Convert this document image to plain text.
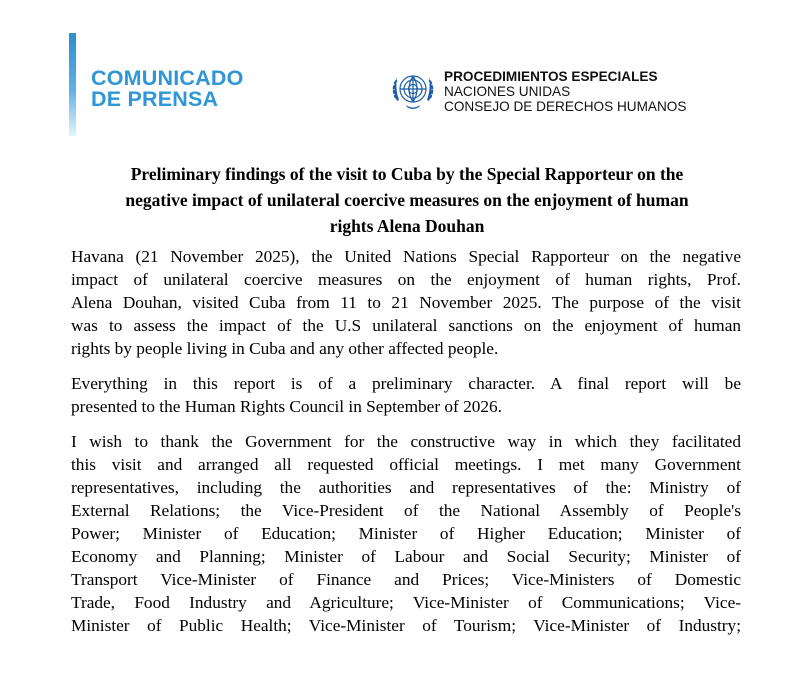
COMUNICADO
DE PRENSA
PROCEDIMIENTOS ESPECIALES
NACIONES UNIDAS
CONSEJO DE DERECHOS HUMANOS
Preliminary findings of the visit to Cuba by the Special Rapporteur on the
negative impact of unilateral coercive measures on the enjoyment of human
rights Alena Douhan
Havana (21 November 2025), the United Nations Special Rapporteur on the negative
impact of unilateral coercive measures on the enjoyment of human rights, Prof.
Alena Douhan, visited Cuba from 11 to 21 November 2025. The purpose of the visit
was to assess the impact of the U.S unilateral sanctions on the enjoyment of human
rights by people living in Cuba and any other affected people.
Everything in this report is of a preliminary character. A final report will be
presented to the Human Rights Council in September of 2026.
I wish to thank the Government for the constructive way in which they facilitated
this visit and arranged all requested official meetings. I met many Government
representatives, including the authorities and representatives of the: Ministry of
External Relations; the Vice-President of the National Assembly of People's
Power; Minister of Education; Minister of Higher Education; Minister of
Economy and Planning; Minister of Labour and Social Security; Minister of
Transport Vice-Minister of Finance and Prices; Vice-Ministers of Domestic
Trade, Food Industry and Agriculture; Vice-Minister of Communications; Vice-
Minister of Public Health; Vice-Minister of Tourism; Vice-Minister of Industry;
